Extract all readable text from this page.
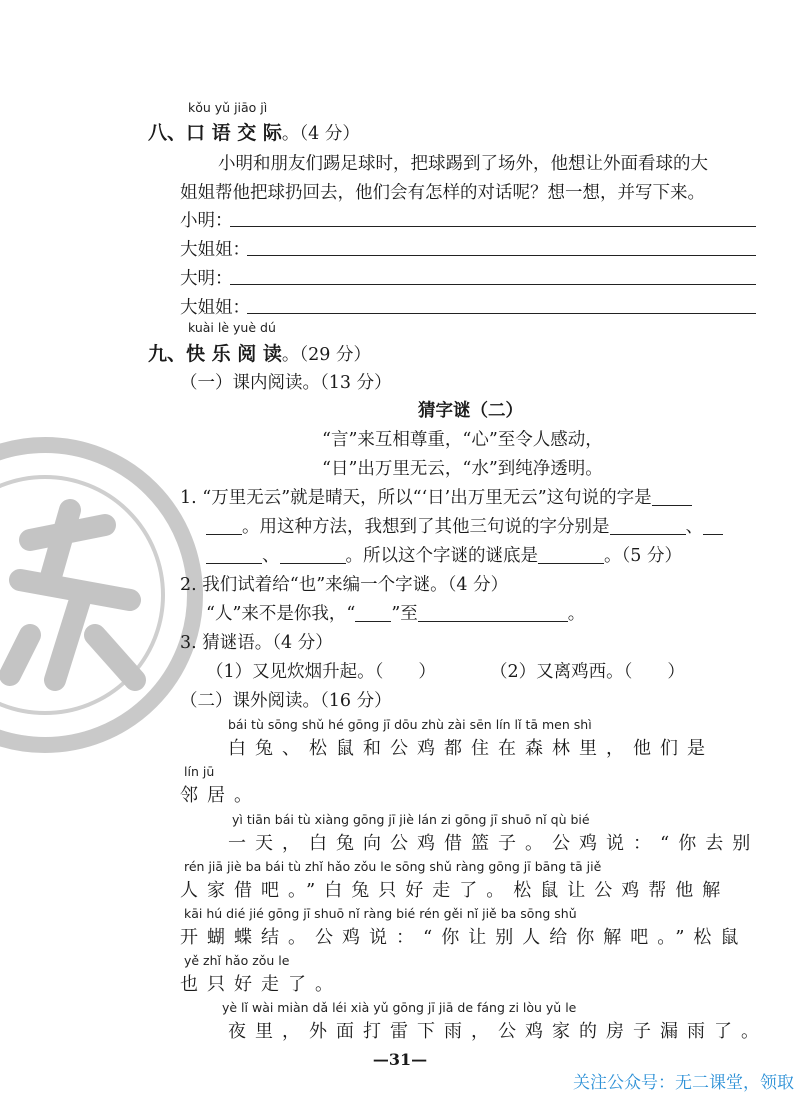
kǒu yǔ jiāo jì
八、口 语 交 际。（4 分）
小明和朋友们踢足球时，把球踢到了场外，他想让外面看球的大
姐姐帮他把球扔回去，他们会有怎样的对话呢？想一想，并写下来。
小明：
大姐姐：
大明：
大姐姐：
kuài lè yuè dú
九、快 乐 阅 读。（29 分）
（一）课内阅读。（13 分）
猜字谜（二）
“言”来互相尊重，“心”至令人感动，
“日”出万里无云，“水”到纯净透明。
1. “万里无云”就是晴天，所以“‘日’出万里无云”这句说的字是
。用这种方法，我想到了其他三句说的字分别是	、
、	。所以这个字谜的谜底是	。（5 分）
2. 我们试着给“也”来编一个字谜。（4 分）
“人”来不是你我，“ ”至	。
3. 猜谜语。（4 分）
（1）又见炊烟升起。（　　）	（2）又离鸡西。（　　）
（二）课外阅读。（16 分）
bái tù sōng shǔ hé gōng jī dōu zhù zài sēn lín lǐ tā men shì
白兔、松鼠和公鸡都住在森林里，他们是
lín jū
邻居。
yì tiān bái tù xiàng gōng jī jiè lán zi gōng jī shuō nǐ qù bié
一天，白兔向公鸡借篮子。公鸡说：“你去别
rén jiā jiè ba bái tù zhǐ hǎo zǒu le sōng shǔ ràng gōng jī bāng tā jiě
人家借吧。”白兔只好走了。松鼠让公鸡帮他解
kāi hú dié jié gōng jī shuō nǐ ràng bié rén gěi nǐ jiě ba sōng shǔ
开蝴蝶结。公鸡说：“你让别人给你解吧。”松鼠
yě zhǐ hǎo zǒu le
也只好走了。
yè lǐ wài miàn dǎ léi xià yǔ gōng jī jiā de fáng zi lòu yǔ le
夜里，外面打雷下雨，公鸡家的房子漏雨了。
—31—
关注公众号：无二课堂，领取
